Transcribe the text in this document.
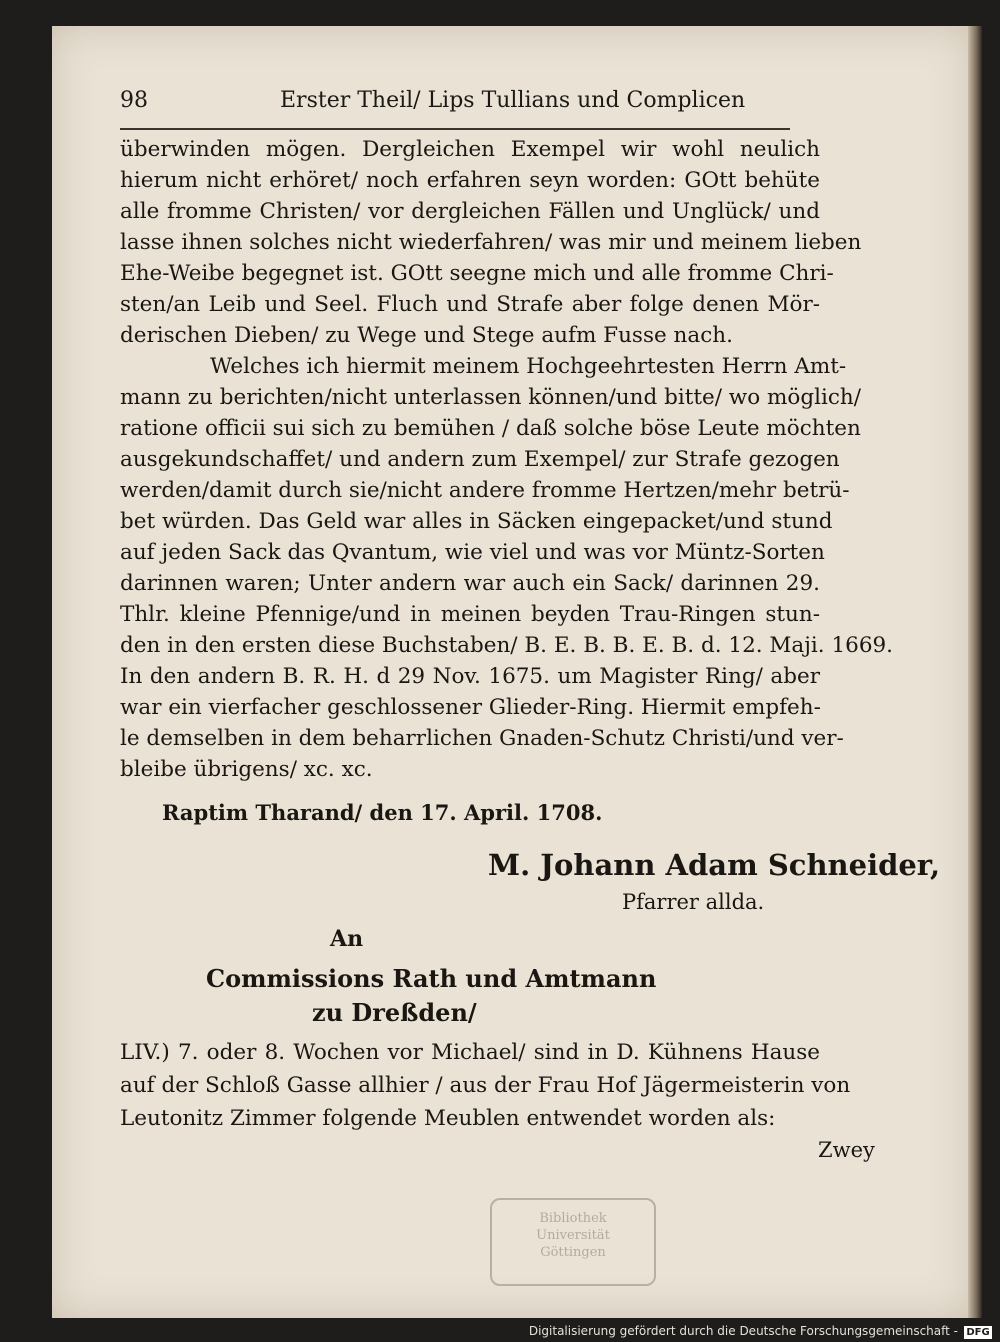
98	Erster Theil/ Lips Tullians und Complicen
überwinden mögen. Dergleichen Exempel wir wohl neulich
hierum nicht erhöret/ noch erfahren seyn worden: GOtt behüte
alle fromme Christen/ vor dergleichen Fällen und Unglück/ und
lasse ihnen solches nicht wiederfahren/ was mir und meinem lieben
Ehe-Weibe begegnet ist. GOtt seegne mich und alle fromme Chri-
sten/an Leib und Seel. Fluch und Strafe aber folge denen Mör-
derischen Dieben/ zu Wege und Stege aufm Fusse nach.
Welches ich hiermit meinem Hochgeehrtesten Herrn Amt-
mann zu berichten/nicht unterlassen können/und bitte/ wo möglich/
ratione officii sui sich zu bemühen / daß solche böse Leute möchten
ausgekundschaffet/ und andern zum Exempel/ zur Strafe gezogen
werden/damit durch sie/nicht andere fromme Hertzen/mehr betrü-
bet würden. Das Geld war alles in Säcken eingepacket/und stund
auf jeden Sack das Qvantum, wie viel und was vor Müntz-Sorten
darinnen waren; Unter andern war auch ein Sack/ darinnen 29.
Thlr. kleine Pfennige/und in meinen beyden Trau-Ringen stun-
den in den ersten diese Buchstaben/ B. E. B. B. E. B. d. 12. Maji. 1669.
In den andern B. R. H. d 29 Nov. 1675. um Magister Ring/ aber
war ein vierfacher geschlossener Glieder-Ring. Hiermit empfeh-
le demselben in dem beharrlichen Gnaden-Schutz Christi/und ver-
bleibe übrigens/ xc. xc.
Raptim Tharand/ den 17. April. 1708.
M. Johann Adam Schneider,
Pfarrer allda.
An
Commissions Rath und Amtmann
zu Dreßden/
LIV.) 7. oder 8. Wochen vor Michael/ sind in D. Kühnens Hause
auf der Schloß Gasse allhier / aus der Frau Hof Jägermeisterin von
Leutonitz Zimmer folgende Meublen entwendet worden als:
Zwey
Bibliothek
Universität
Göttingen
Digitalisierung gefördert durch die Deutsche Forschungsgemeinschaft - DFG
